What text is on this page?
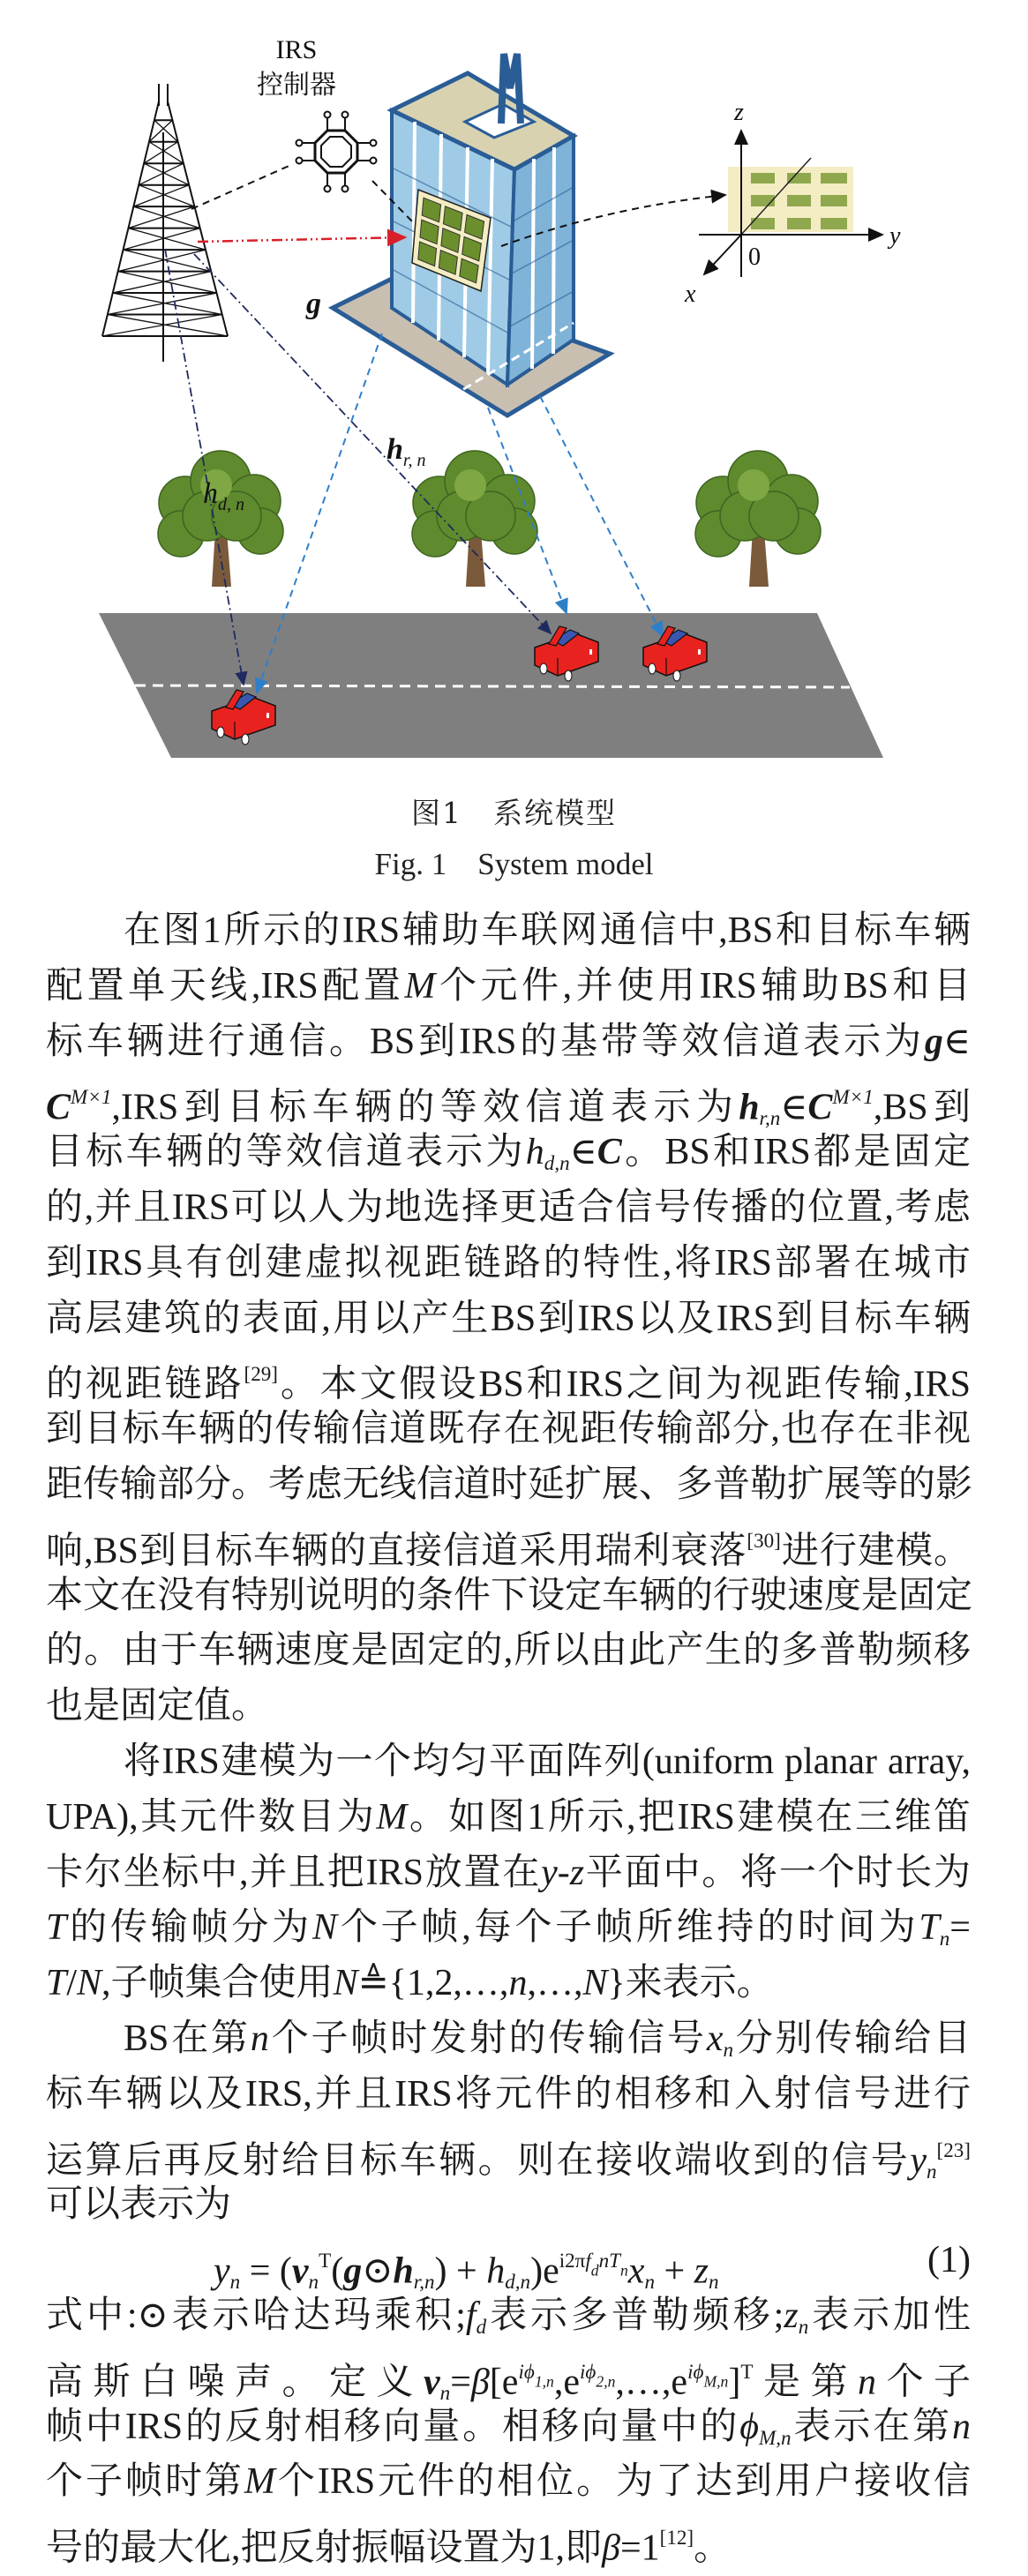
IRS
控制器
g
$h_{d, n}$
$h_{r, n}$
z
y
x
0
图1　系统模型
Fig. 1　System model
在图1所示的IRS辅助车联网通信中,BS和目标车辆
配置单天线,IRS配置M个元件,并使用IRS辅助BS和目
标车辆进行通信。BS到IRS的基带等效信道表示为g∈
$C^{M\times 1},IRS$到目标车辆的等效信道表示为$h_{r,n}\in C^{M\times 1},BS$到
目标车辆的等效信道表示为$h_{d,n}\in C$。BS和IRS都是固定
的,并且IRS可以人为地选择更适合信号传播的位置,考虑
到IRS具有创建虚拟视距链路的特性,将IRS部署在城市
高层建筑的表面,用以产生BS到IRS以及IRS到目标车辆
的视距链路[29]。本文假设BS和IRS之间为视距传输,IRS
到目标车辆的传输信道既存在视距传输部分,也存在非视
距传输部分。考虑无线信道时延扩展、多普勒扩展等的影
响,BS到目标车辆的直接信道采用瑞利衰落[30]进行建模。
本文在没有特别说明的条件下设定车辆的行驶速度是固定
的。由于车辆速度是固定的,所以由此产生的多普勒频移
也是固定值。
将IRS建模为一个均匀平面阵列(uniform planar array,
UPA),其元件数目为M。如图1所示,把IRS建模在三维笛
卡尔坐标中,并且把IRS放置在y-z平面中。将一个时长为
T的传输帧分为N个子帧,每个子帧所维持的时间为$T_n=$
T/N,子帧集合使用N≜{1,2,…,n,…,N}来表示。
BS在第n个子帧时发射的传输信号$x_n$分别传输给目
标车辆以及IRS,并且IRS将元件的相移和入射信号进行
运算后再反射给目标车辆。则在接收端收到的信号$y_n[23]$
可以表示为
$y_n$ = $(v_n^T(g⊙h_{r,n}) + h_{d,n})e^{i2\pi f}d^{nT}nx_n + z_n$
(1)
式中:⊙表示哈达玛乘积$;f_d$表示多普勒频移$;z_n$表示加性
高斯白噪声。定义$v_n=\beta[e^{i\phi}1,n,e^{i\phi}2,n,\dots,e^{i\phi}M,n]^T$是第n个子
帧中IRS的反射相移向量。相移向量中的$\phi_{M,n}$表示在第n
个子帧时第M个IRS元件的相位。为了达到用户接收信
号的最大化,把反射振幅设置为1,即β=1[12]。
